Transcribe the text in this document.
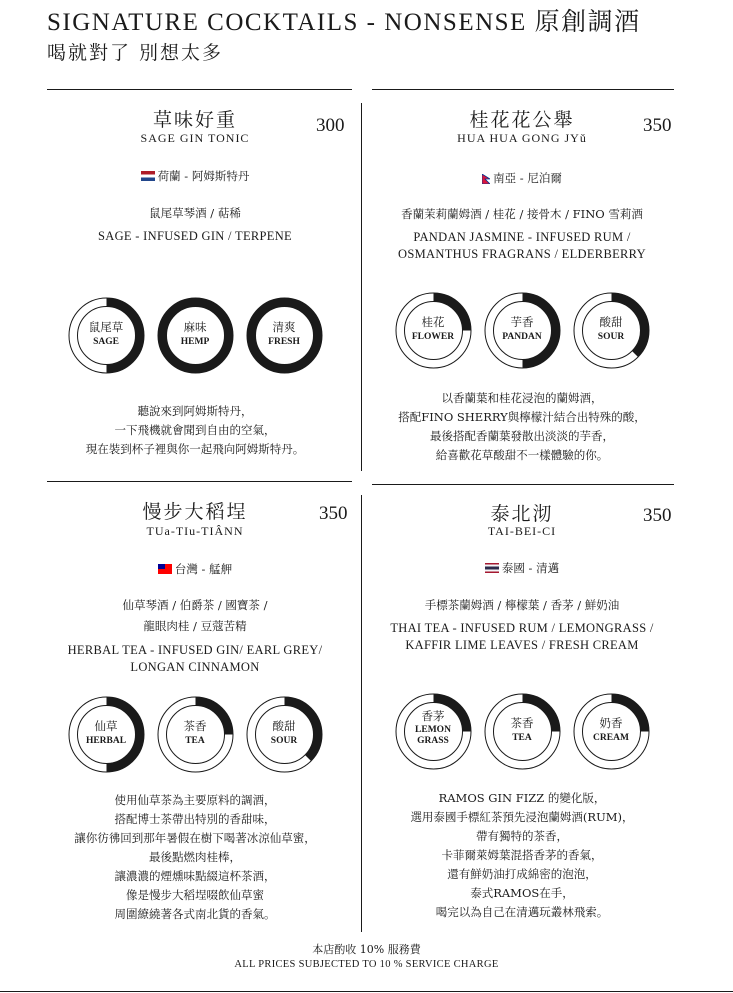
SIGNATURE COCKTAILS - NONSENSE 原創調酒
喝就對了 別想太多
草味好重	300
SAGE GIN TONIC
荷蘭 - 阿姆斯特丹
鼠尾草琴酒 / 萜稀
SAGE - INFUSED GIN / TERPENE
鼠尾草
SAGE
麻味
HEMP
清爽
FRESH
聽說來到阿姆斯特丹，
一下飛機就會聞到自由的空氣，
現在裝到杯子裡與你一起飛向阿姆斯特丹。
桂花花公舉	350
HUA HUA GONG JYǔ
南亞 - 尼泊爾
香蘭茉莉蘭姆酒 / 桂花 / 接骨木 / FINO 雪莉酒
PANDAN JASMINE - INFUSED RUM /
OSMANTHUS FRAGRANS / ELDERBERRY
桂花
FLOWER
芋香
PANDAN
酸甜
SOUR
以香蘭葉和桂花浸泡的蘭姆酒，
搭配FINO SHERRY與檸檬汁結合出特殊的酸，
最後搭配香蘭葉發散出淡淡的芋香，
給喜歡花草酸甜不一樣體驗的你。
慢步大稻埕	350
TUa-TIu-TIÂNN
台灣 - 艋舺
仙草琴酒 / 伯爵茶 / 國寶茶 /
龍眼肉桂 / 豆蔻苦精
HERBAL TEA - INFUSED GIN/ EARL GREY/
LONGAN CINNAMON
仙草
HERBAL
茶香
TEA
酸甜
SOUR
使用仙草茶為主要原料的調酒，
搭配博士茶帶出特別的香甜味，
讓你彷彿回到那年暑假在樹下喝著冰涼仙草蜜，
最後點燃肉桂棒，
讓濃濃的煙燻味點綴這杯茶酒，
像是慢步大稻埕啜飲仙草蜜
周圍繚繞著各式南北貨的香氣。
泰北沏	350
TAI-BEI-CI
泰國 - 清邁
手標茶蘭姆酒 / 檸檬葉 / 香茅 / 鮮奶油
THAI TEA - INFUSED RUM / LEMONGRASS /
KAFFIR LIME LEAVES / FRESH CREAM
香茅
LEMON GRASS
茶香
TEA
奶香
CREAM
RAMOS GIN FIZZ 的變化版，
選用泰國手標紅茶預先浸泡蘭姆酒(RUM)，
帶有獨特的茶香，
卡菲爾萊姆葉混搭香茅的香氣，
還有鮮奶油打成綿密的泡泡，
泰式RAMOS在手，
喝完以為自己在清邁玩叢林飛索。
本店酌收 10% 服務費
ALL PRICES SUBJECTED TO 10 % SERVICE CHARGE
